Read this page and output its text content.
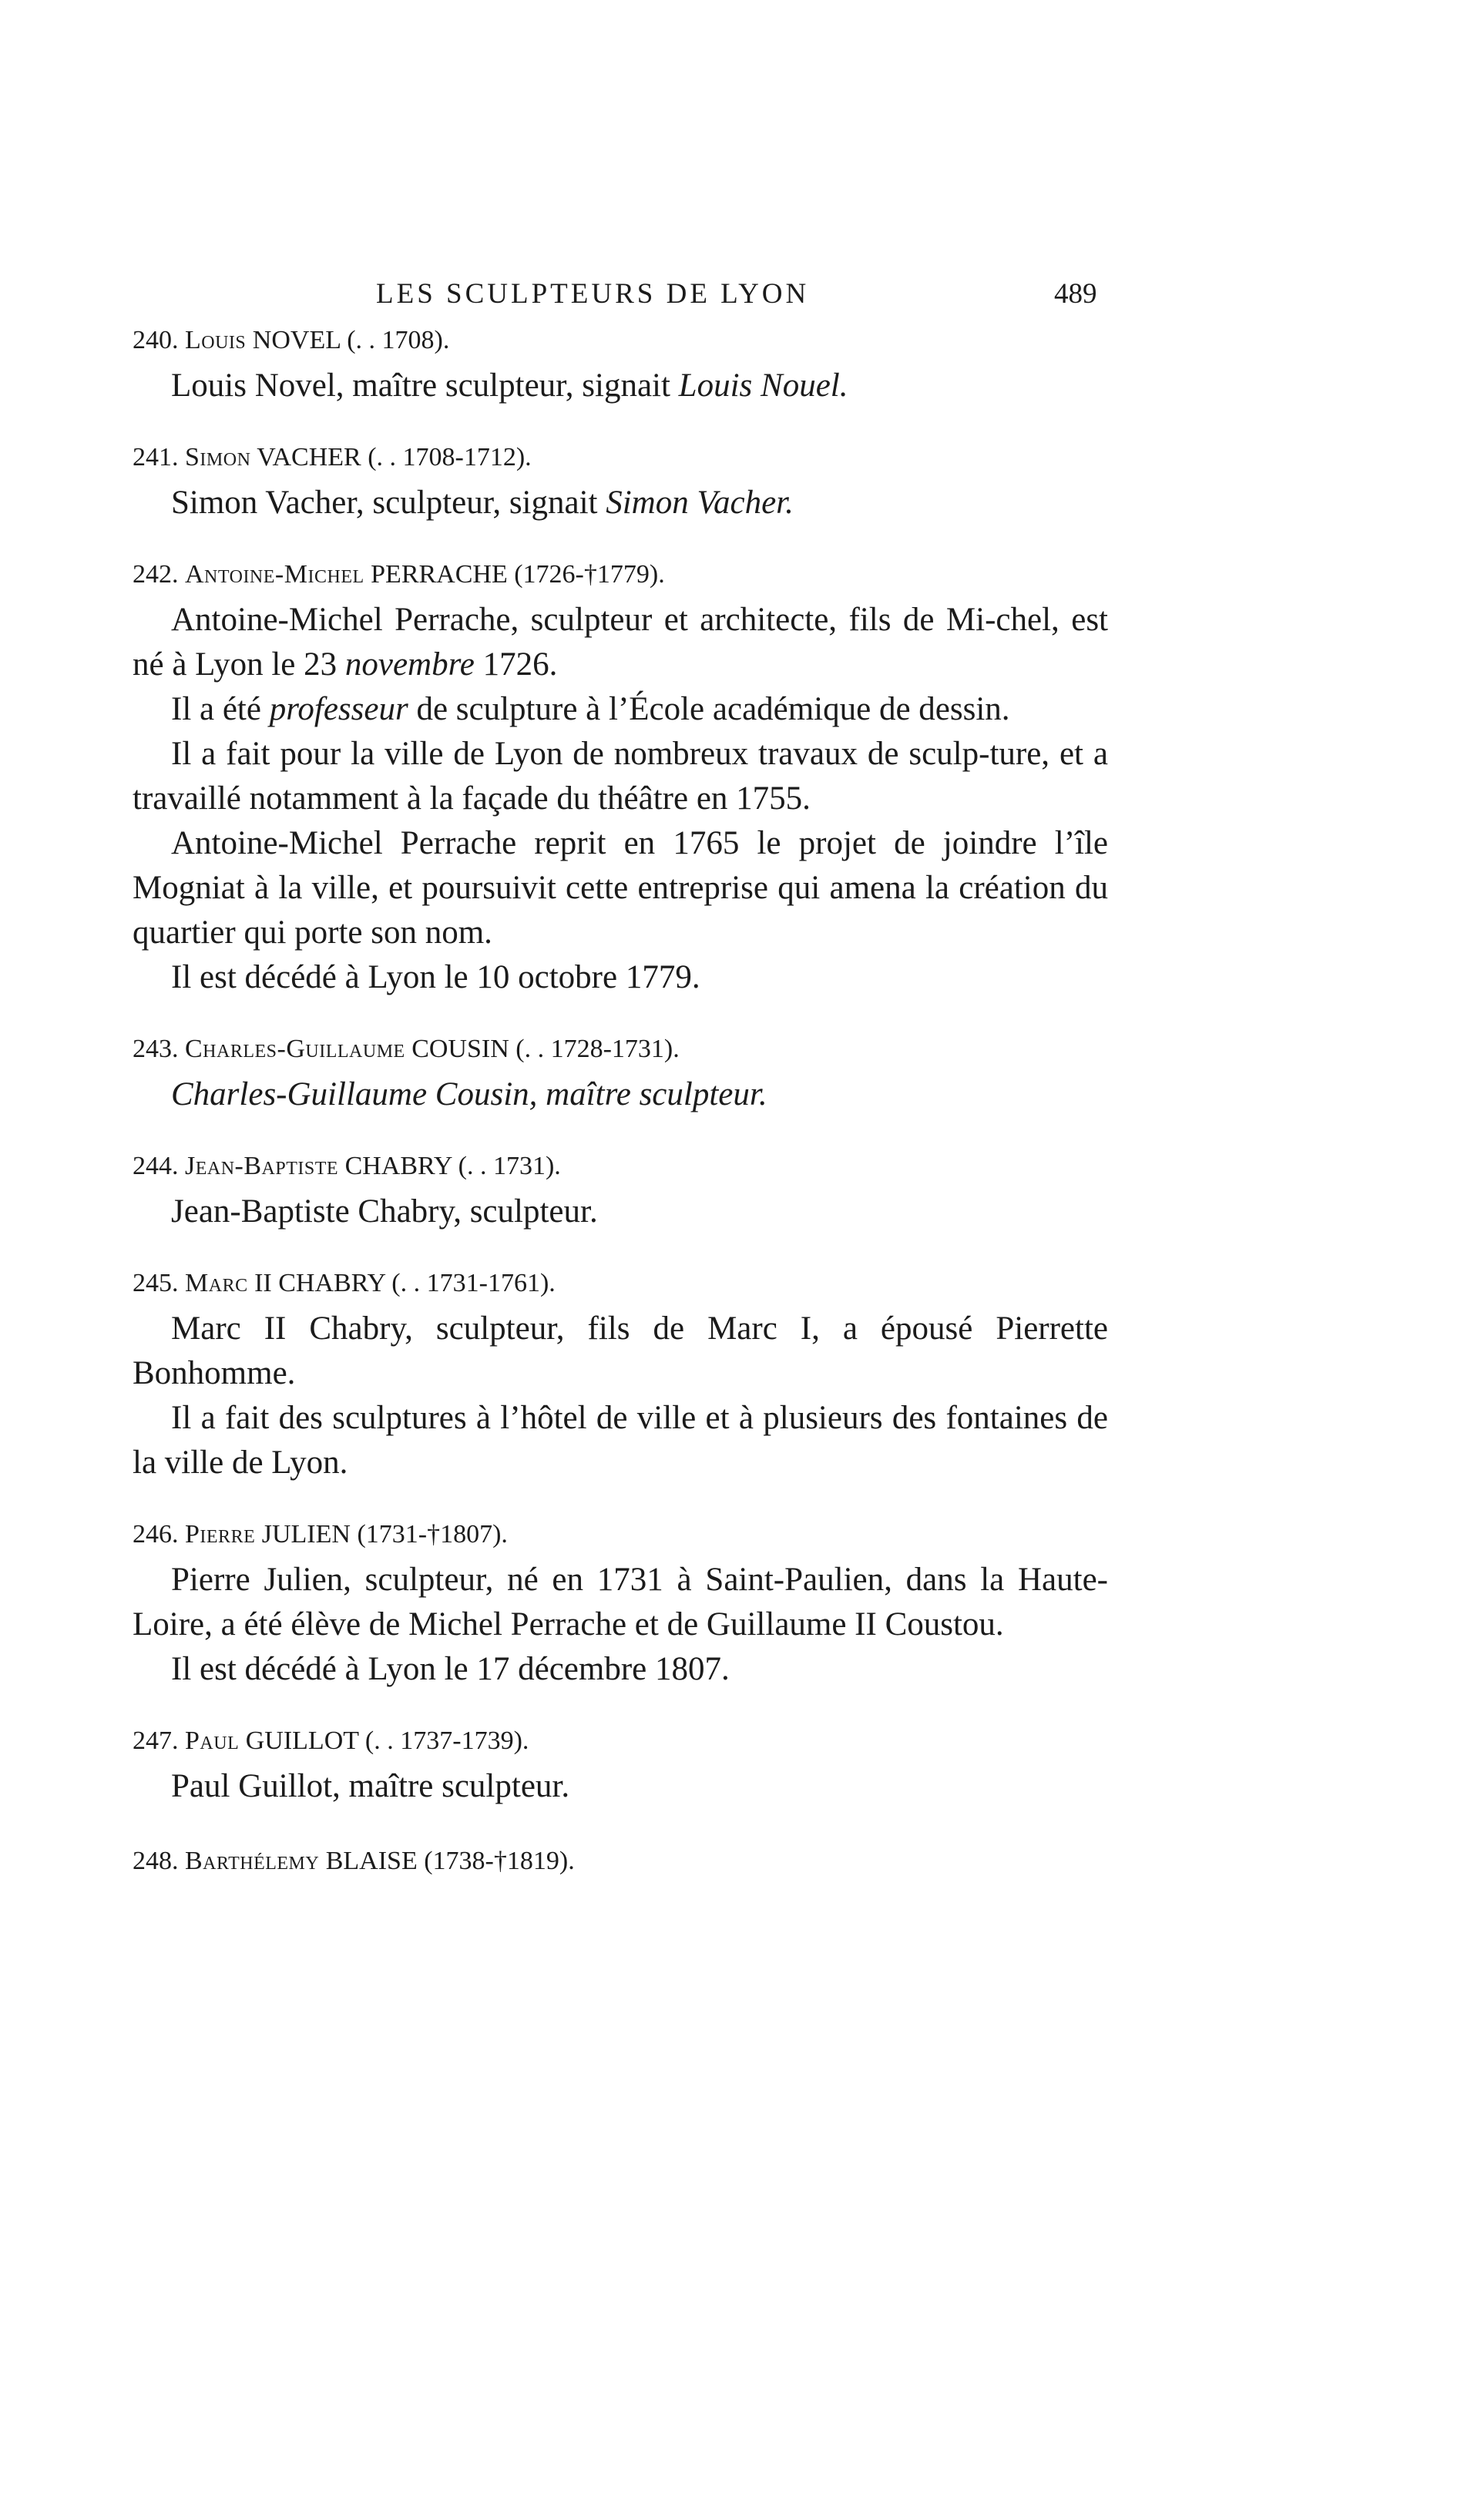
LES SCULPTEURS DE LYON	489
240. Louis NOVEL (. . 1708).

Louis Novel, maître sculpteur, signait Louis Nouel.

241. Simon VACHER (. . 1708-1712).

Simon Vacher, sculpteur, signait Simon Vacher.

242. Antoine-Michel PERRACHE (1726-†1779).

Antoine-Michel Perrache, sculpteur et architecte, fils de Mi-chel, est né à Lyon le 23 novembre 1726.

Il a été professeur de sculpture à l’École académique de dessin.

Il a fait pour la ville de Lyon de nombreux travaux de sculp-ture, et a travaillé notamment à la façade du théâtre en 1755.

Antoine-Michel Perrache reprit en 1765 le projet de joindre l’île Mogniat à la ville, et poursuivit cette entreprise qui amena la création du quartier qui porte son nom.

Il est décédé à Lyon le 10 octobre 1779.

243. Charles-Guillaume COUSIN (. . 1728-1731).

Charles-Guillaume Cousin, maître sculpteur.

244. Jean-Baptiste CHABRY (. . 1731).

Jean-Baptiste Chabry, sculpteur.

245. Marc II CHABRY (. . 1731-1761).

Marc II Chabry, sculpteur, fils de Marc I, a épousé Pierrette Bonhomme.

Il a fait des sculptures à l’hôtel de ville et à plusieurs des fontaines de la ville de Lyon.

246. Pierre JULIEN (1731-†1807).

Pierre Julien, sculpteur, né en 1731 à Saint-Paulien, dans la Haute-Loire, a été élève de Michel Perrache et de Guillaume II Coustou.

Il est décédé à Lyon le 17 décembre 1807.

247. Paul GUILLOT (. . 1737-1739).

Paul Guillot, maître sculpteur.

248. Barthélemy BLAISE (1738-†1819).
